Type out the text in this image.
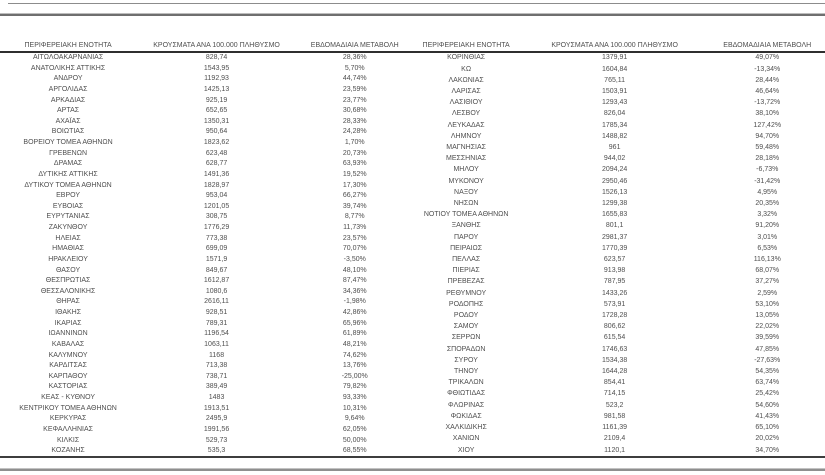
ΠΕΡΙΦΕΡΕΙΑΚΗ ΕΝΟΤΗΤΑ	ΚΡΟΥΣΜΑΤΑ ΑΝΑ 100.000 ΠΛΗΘΥΣΜΟ	ΕΒΔΟΜΑΔΙΑΙΑ ΜΕΤΑΒΟΛΗ
ΑΙΤΩΛΟΑΚΑΡΝΑΝΙΑΣ	828,74	28,36%
ΑΝΑΤΟΛΙΚΗΣ ΑΤΤΙΚΗΣ	1543,95	5,70%
ΑΝΔΡΟΥ	1192,93	44,74%
ΑΡΓΟΛΙΔΑΣ	1425,13	23,59%
ΑΡΚΑΔΙΑΣ	925,19	23,77%
ΑΡΤΑΣ	652,65	30,68%
ΑΧΑΪΑΣ	1350,31	28,33%
ΒΟΙΩΤΙΑΣ	950,64	24,28%
ΒΟΡΕΙΟΥ ΤΟΜΕΑ ΑΘΗΝΩΝ	1823,62	1,70%
ΓΡΕΒΕΝΩΝ	623,48	20,73%
ΔΡΑΜΑΣ	628,77	63,93%
ΔΥΤΙΚΗΣ ΑΤΤΙΚΗΣ	1491,36	19,52%
ΔΥΤΙΚΟΥ ΤΟΜΕΑ ΑΘΗΝΩΝ	1828,97	17,30%
ΕΒΡΟΥ	953,04	66,27%
ΕΥΒΟΙΑΣ	1201,05	39,74%
ΕΥΡΥΤΑΝΙΑΣ	308,75	8,77%
ΖΑΚΥΝΘΟΥ	1776,29	11,73%
ΗΛΕΙΑΣ	773,38	23,57%
ΗΜΑΘΙΑΣ	699,09	70,07%
ΗΡΑΚΛΕΙΟΥ	1571,9	-3,50%
ΘΑΣΟΥ	849,67	48,10%
ΘΕΣΠΡΩΤΙΑΣ	1612,87	87,47%
ΘΕΣΣΑΛΟΝΙΚΗΣ	1080,6	34,36%
ΘΗΡΑΣ	2616,11	-1,98%
ΙΘΑΚΗΣ	928,51	42,86%
ΙΚΑΡΙΑΣ	789,31	65,96%
ΙΩΑΝΝΙΝΩΝ	1196,54	61,89%
ΚΑΒΑΛΑΣ	1063,11	48,21%
ΚΑΛΥΜΝΟΥ	1168	74,62%
ΚΑΡΔΙΤΣΑΣ	713,38	13,76%
ΚΑΡΠΑΘΟΥ	738,71	-25,00%
ΚΑΣΤΟΡΙΑΣ	389,49	79,82%
ΚΕΑΣ - ΚΥΘΝΟΥ	1483	93,33%
ΚΕΝΤΡΙΚΟΥ ΤΟΜΕΑ ΑΘΗΝΩΝ	1913,51	10,31%
ΚΕΡΚΥΡΑΣ	2495,9	9,64%
ΚΕΦΑΛΛΗΝΙΑΣ	1991,56	62,05%
ΚΙΛΚΙΣ	529,73	50,00%
ΚΟΖΑΝΗΣ	535,3	68,55%
ΠΕΡΙΦΕΡΕΙΑΚΗ ΕΝΟΤΗΤΑ	ΚΡΟΥΣΜΑΤΑ ΑΝΑ 100.000 ΠΛΗΘΥΣΜΟ	ΕΒΔΟΜΑΔΙΑΙΑ ΜΕΤΑΒΟΛΗ
ΚΟΡΙΝΘΙΑΣ	1379,91	49,07%
ΚΩ	1604,84	-13,34%
ΛΑΚΩΝΙΑΣ	765,11	28,44%
ΛΑΡΙΣΑΣ	1503,91	46,64%
ΛΑΣΙΘΙΟΥ	1293,43	-13,72%
ΛΕΣΒΟΥ	826,04	38,10%
ΛΕΥΚΑΔΑΣ	1785,34	127,42%
ΛΗΜΝΟΥ	1488,82	94,70%
ΜΑΓΝΗΣΙΑΣ	961	59,48%
ΜΕΣΣΗΝΙΑΣ	944,02	28,18%
ΜΗΛΟΥ	2094,24	-6,73%
ΜΥΚΟΝΟΥ	2950,46	-31,42%
ΝΑΞΟΥ	1526,13	4,95%
ΝΗΣΩΝ	1299,38	20,35%
ΝΟΤΙΟΥ ΤΟΜΕΑ ΑΘΗΝΩΝ	1655,83	3,32%
ΞΑΝΘΗΣ	801,1	91,20%
ΠΑΡΟΥ	2981,37	3,01%
ΠΕΙΡΑΙΩΣ	1770,39	6,53%
ΠΕΛΛΑΣ	623,57	116,13%
ΠΙΕΡΙΑΣ	913,98	68,07%
ΠΡΕΒΕΖΑΣ	787,95	37,27%
ΡΕΘΥΜΝΟΥ	1433,26	2,59%
ΡΟΔΟΠΗΣ	573,91	53,10%
ΡΟΔΟΥ	1728,28	13,05%
ΣΑΜΟΥ	806,62	22,02%
ΣΕΡΡΩΝ	615,54	39,59%
ΣΠΟΡΑΔΩΝ	1746,63	47,85%
ΣΥΡΟΥ	1534,38	-27,63%
ΤΗΝΟΥ	1644,28	54,35%
ΤΡΙΚΑΛΩΝ	854,41	63,74%
ΦΘΙΩΤΙΔΑΣ	714,15	25,42%
ΦΛΩΡΙΝΑΣ	523,2	54,60%
ΦΩΚΙΔΑΣ	981,58	41,43%
ΧΑΛΚΙΔΙΚΗΣ	1161,39	65,10%
ΧΑΝΙΩΝ	2109,4	20,02%
ΧΙΟΥ	1120,1	34,70%
